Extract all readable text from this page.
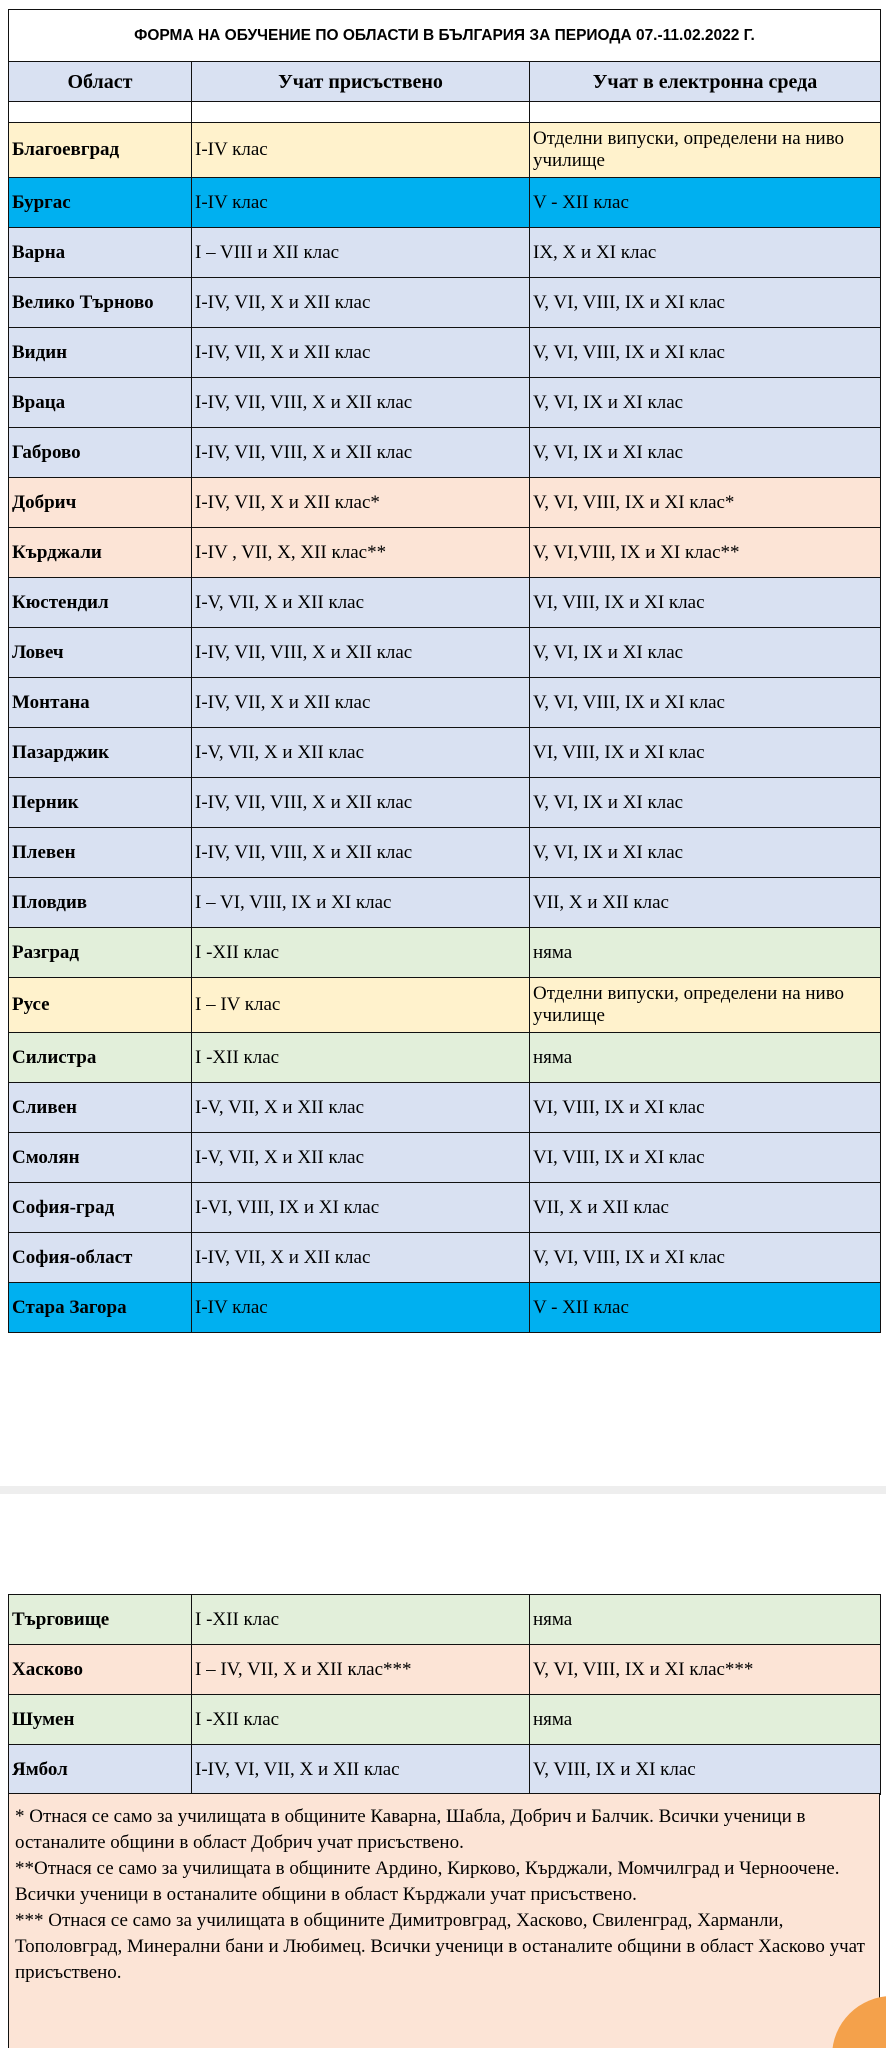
ФОРМА НА ОБУЧЕНИЕ ПО ОБЛАСТИ В БЪЛГАРИЯ ЗА ПЕРИОДА 07.-11.02.2022 Г.		
Област	Учат присъствено	Учат в електронна среда

Благоевград	I-IV клас	Отделни випуски, определени на ниво училище
Бургас	I-IV клас	V - XII клас
Варна	I – VIII и XII клас	IX, X и XI клас
Велико Търново	I-IV, VII, X и XII клас	V, VI, VIII, IX и XI клас
Видин	I-IV, VII, X и XII клас	V, VI, VIII, IX и XI клас
Враца	I-IV, VII, VIII, X и XII клас	V, VI, IX и XI клас
Габрово	I-IV, VII, VIII, X и XII клас	V, VI, IX и XI клас
Добрич	I-IV, VII, X и XII клас*	V, VI, VIII, IX и XI клас*
Кърджали	I-IV , VII, X, XII клас**	V, VI,VIII, IX и XI клас**
Кюстендил	I-V, VII, X и XII клас	VI, VIII, IX и XI клас
Ловеч	I-IV, VII, VIII, X и XII клас	V, VI, IX и XI клас
Монтана	I-IV, VII, X и XII клас	V, VI, VIII, IX и XI клас
Пазарджик	I-V, VII, X и XII клас	VI, VIII, IX и XI клас
Перник	I-IV, VII, VIII, X и XII клас	V, VI, IX и XI клас
Плевен	I-IV, VII, VIII, X и XII клас	V, VI, IX и XI клас
Пловдив	I – VI, VIII, IX и XI клас	VII, X и XII клас
Разград	I -XII клас	няма
Русе	I – IV клас	Отделни випуски, определени на ниво училище
Силистра	I -XII клас	няма
Сливен	I-V, VII, X и XII клас	VI, VIII, IX и XI клас
Смолян	I-V, VII, X и XII клас	VI, VIII, IX и XI клас
София-град	I-VI, VIII, IX и XI клас	VII, X и XII клас
София-област	I-IV, VII, X и XII клас	V, VI, VIII, IX и XI клас
Стара Загора	I-IV клас	V - XII клас
Търговище	I -XII клас	няма
Хасково	I – IV, VII, X и XII клас***	V, VI, VIII, IX и XI клас***
Шумен	I -XII клас	няма
Ямбол	I-IV, VI, VII, X и XII клас	V, VIII, IX и XI клас

* Отнася се само за училищата в общините Каварна, Шабла, Добрич и Балчик. Всички ученици в останалите общини в област Добрич учат присъствено.

**Отнася се само за училищата в общините Ардино, Кирково, Кърджали, Момчилград и Черноочене. Всички ученици в останалите общини в област Кърджали учат присъствено.

*** Отнася се само за училищата в общините Димитровград, Хасково, Свиленград, Харманли, Тополовград, Минерални бани и Любимец. Всички ученици в останалите общини в област Хасково учат присъствено.
